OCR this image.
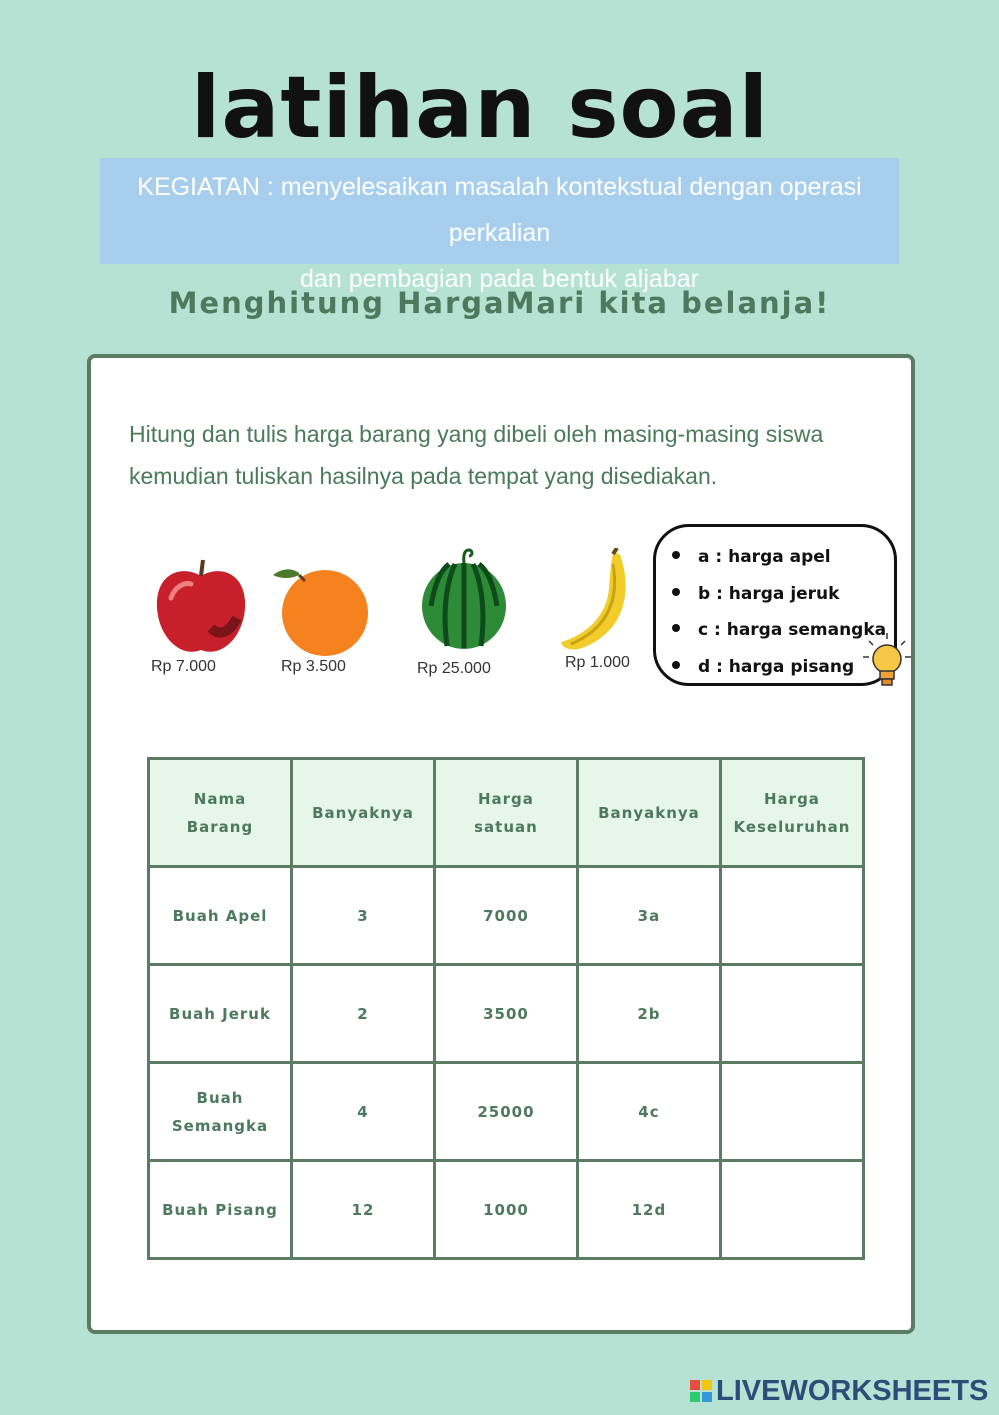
latihan soal
KEGIATAN : menyelesaikan masalah kontekstual dengan operasi perkalian
dan pembagian pada bentuk aljabar
Menghitung HargaMari kita belanja!
Hitung dan tulis harga barang yang dibeli oleh masing-masing siswa
kemudian tuliskan hasilnya pada tempat yang disediakan.
Rp 7.000	Rp 3.500	Rp 25.000	Rp 1.000
a : harga apel
b : harga jeruk
c : harga semangka
d : harga pisang
Nama Barang	Banyaknya	Harga satuan	Banyaknya	Harga Keseluruhan
Buah Apel	3	7000	3a	
Buah Jeruk	2	3500	2b	
Buah Semangka	4	25000	4c	
Buah Pisang	12	1000	12d	
LIVEWORKSHEETS
